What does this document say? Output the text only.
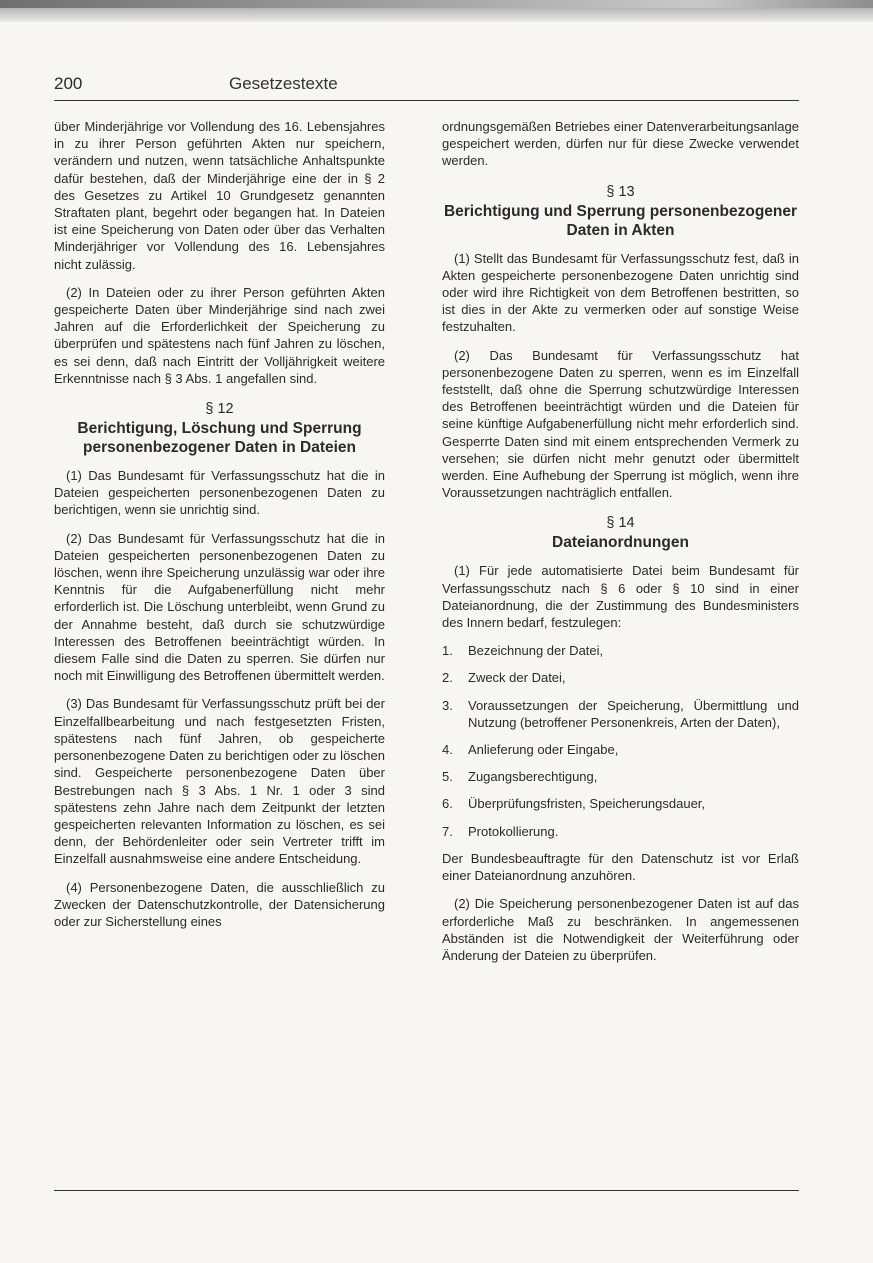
200	Gesetzestexte

über Minderjährige vor Vollendung des 16. Lebensjahres in zu ihrer Person geführten Akten nur speichern, verändern und nutzen, wenn tatsächliche Anhaltspunkte dafür bestehen, daß der Minderjährige eine der in § 2 des Gesetzes zu Artikel 10 Grundgesetz genannten Straftaten plant, begehrt oder begangen hat. In Dateien ist eine Speicherung von Daten oder über das Verhalten Minderjähriger vor Vollendung des 16. Lebensjahres nicht zulässig.

(2) In Dateien oder zu ihrer Person geführten Akten gespeicherte Daten über Minderjährige sind nach zwei Jahren auf die Erforderlichkeit der Speicherung zu überprüfen und spätestens nach fünf Jahren zu löschen, es sei denn, daß nach Eintritt der Volljährigkeit weitere Erkenntnisse nach § 3 Abs. 1 angefallen sind.

§ 12
Berichtigung, Löschung und Sperrung personenbezogener Daten in Dateien

(1) Das Bundesamt für Verfassungsschutz hat die in Dateien gespeicherten personenbezogenen Daten zu berichtigen, wenn sie unrichtig sind.

(2) Das Bundesamt für Verfassungsschutz hat die in Dateien gespeicherten personenbezogenen Daten zu löschen, wenn ihre Speicherung unzulässig war oder ihre Kenntnis für die Aufgabenerfüllung nicht mehr erforderlich ist. Die Löschung unterbleibt, wenn Grund zu der Annahme besteht, daß durch sie schutzwürdige Interessen des Betroffenen beeinträchtigt würden. In diesem Falle sind die Daten zu sperren. Sie dürfen nur noch mit Einwilligung des Betroffenen übermittelt werden.

(3) Das Bundesamt für Verfassungsschutz prüft bei der Einzelfallbearbeitung und nach festgesetzten Fristen, spätestens nach fünf Jahren, ob gespeicherte personenbezogene Daten zu berichtigen oder zu löschen sind. Gespeicherte personenbezogene Daten über Bestrebungen nach § 3 Abs. 1 Nr. 1 oder 3 sind spätestens zehn Jahre nach dem Zeitpunkt der letzten gespeicherten relevanten Information zu löschen, es sei denn, der Behördenleiter oder sein Vertreter trifft im Einzelfall ausnahmsweise eine andere Entscheidung.

(4) Personenbezogene Daten, die ausschließlich zu Zwecken der Datenschutzkontrolle, der Datensicherung oder zur Sicherstellung eines

ordnungsgemäßen Betriebes einer Datenverarbeitungsanlage gespeichert werden, dürfen nur für diese Zwecke verwendet werden.

§ 13
Berichtigung und Sperrung personenbezogener Daten in Akten

(1) Stellt das Bundesamt für Verfassungsschutz fest, daß in Akten gespeicherte personenbezogene Daten unrichtig sind oder wird ihre Richtigkeit von dem Betroffenen bestritten, so ist dies in der Akte zu vermerken oder auf sonstige Weise festzuhalten.

(2) Das Bundesamt für Verfassungsschutz hat personenbezogene Daten zu sperren, wenn es im Einzelfall feststellt, daß ohne die Sperrung schutzwürdige Interessen des Betroffenen beeinträchtigt würden und die Dateien für seine künftige Aufgabenerfüllung nicht mehr erforderlich sind. Gesperrte Daten sind mit einem entsprechenden Vermerk zu versehen; sie dürfen nicht mehr genutzt oder übermittelt werden. Eine Aufhebung der Sperrung ist möglich, wenn ihre Voraussetzungen nachträglich entfallen.

§ 14
Dateianordnungen

(1) Für jede automatisierte Datei beim Bundesamt für Verfassungsschutz nach § 6 oder § 10 sind in einer Dateianordnung, die der Zustimmung des Bundesministers des Innern bedarf, festzulegen:

1.	Bezeichnung der Datei,
2.	Zweck der Datei,
3.	Voraussetzungen der Speicherung, Übermittlung und Nutzung (betroffener Personenkreis, Arten der Daten),
4.	Anlieferung oder Eingabe,
5.	Zugangsberechtigung,
6.	Überprüfungsfristen, Speicherungsdauer,
7.	Protokollierung.

Der Bundesbeauftragte für den Datenschutz ist vor Erlaß einer Dateianordnung anzuhören.

(2) Die Speicherung personenbezogener Daten ist auf das erforderliche Maß zu beschränken. In angemessenen Abständen ist die Notwendigkeit der Weiterführung oder Änderung der Dateien zu überprüfen.
